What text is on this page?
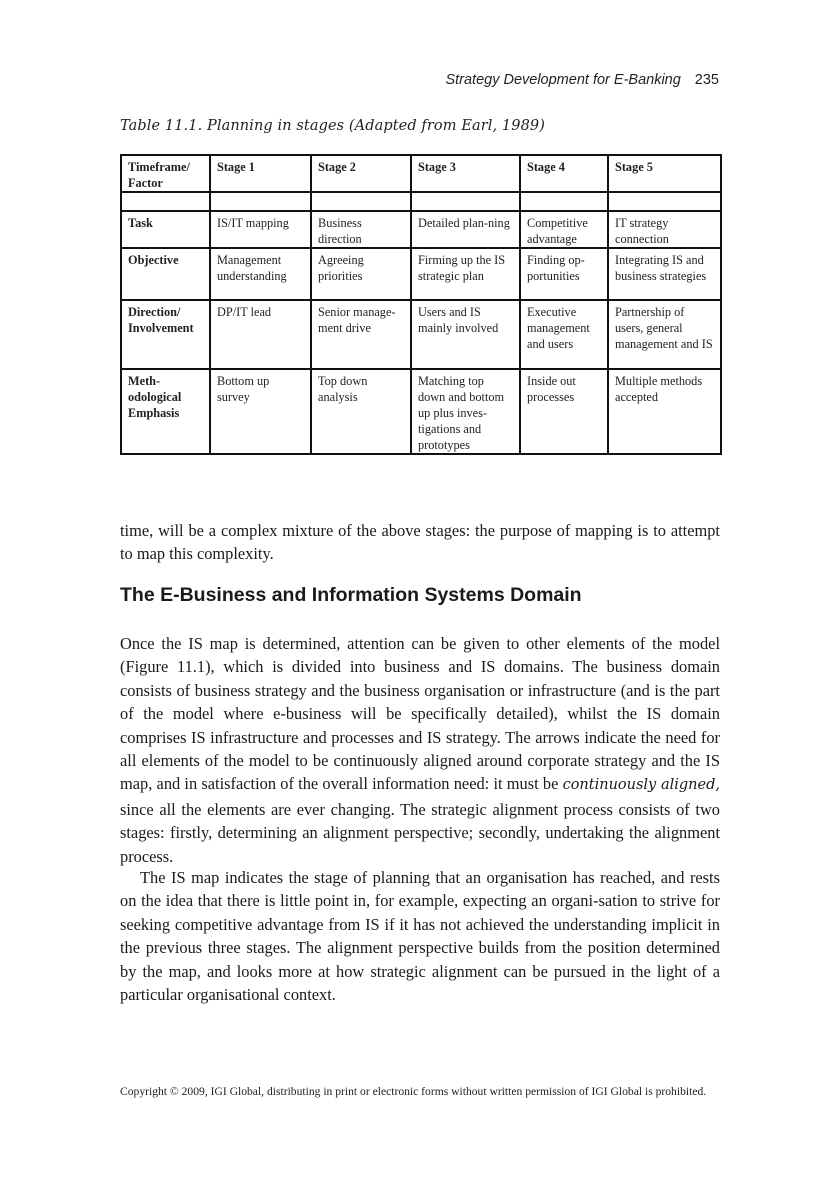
Strategy Development for E-Banking 235
Table 11.1. Planning in stages (Adapted from Earl, 1989)
Timeframe/ Factor	Stage 1	Stage 2	Stage 3	Stage 4	Stage 5

Task	IS/IT mapping	Business direction	Detailed plan-ning	Competitive advantage	IT strategy connection
Objective	Management understanding	Agreeing priorities	Firming up the IS strategic plan	Finding op-portunities	Integrating IS and business strategies
Direction/ Involvement	DP/IT lead	Senior manage-ment drive	Users and IS mainly involved	Executive management and users	Partnership of users, general management and IS
Meth-odological Emphasis	Bottom up survey	Top down analysis	Matching top down and bottom up plus inves-tigations and prototypes	Inside out processes	Multiple methods accepted

time, will be a complex mixture of the above stages: the purpose of mapping is to attempt to map this complexity.

The E-Business and Information Systems Domain

Once the IS map is determined, attention can be given to other elements of the model (Figure 11.1), which is divided into business and IS domains. The business domain consists of business strategy and the business organisation or infrastructure (and is the part of the model where e-business will be specifically detailed), whilst the IS domain comprises IS infrastructure and processes and IS strategy. The arrows indicate the need for all elements of the model to be continuously aligned around corporate strategy and the IS map, and in satisfaction of the overall information need: it must be continuously aligned, since all the elements are ever changing. The strategic alignment process consists of two stages: firstly, determining an alignment perspective; secondly, undertaking the alignment process.

The IS map indicates the stage of planning that an organisation has reached, and rests on the idea that there is little point in, for example, expecting an organi-sation to strive for seeking competitive advantage from IS if it has not achieved the understanding implicit in the previous three stages. The alignment perspective builds from the position determined by the map, and looks more at how strategic alignment can be pursued in the light of a particular organisational context.

Copyright © 2009, IGI Global, distributing in print or electronic forms without written permission of IGI Global is prohibited.
